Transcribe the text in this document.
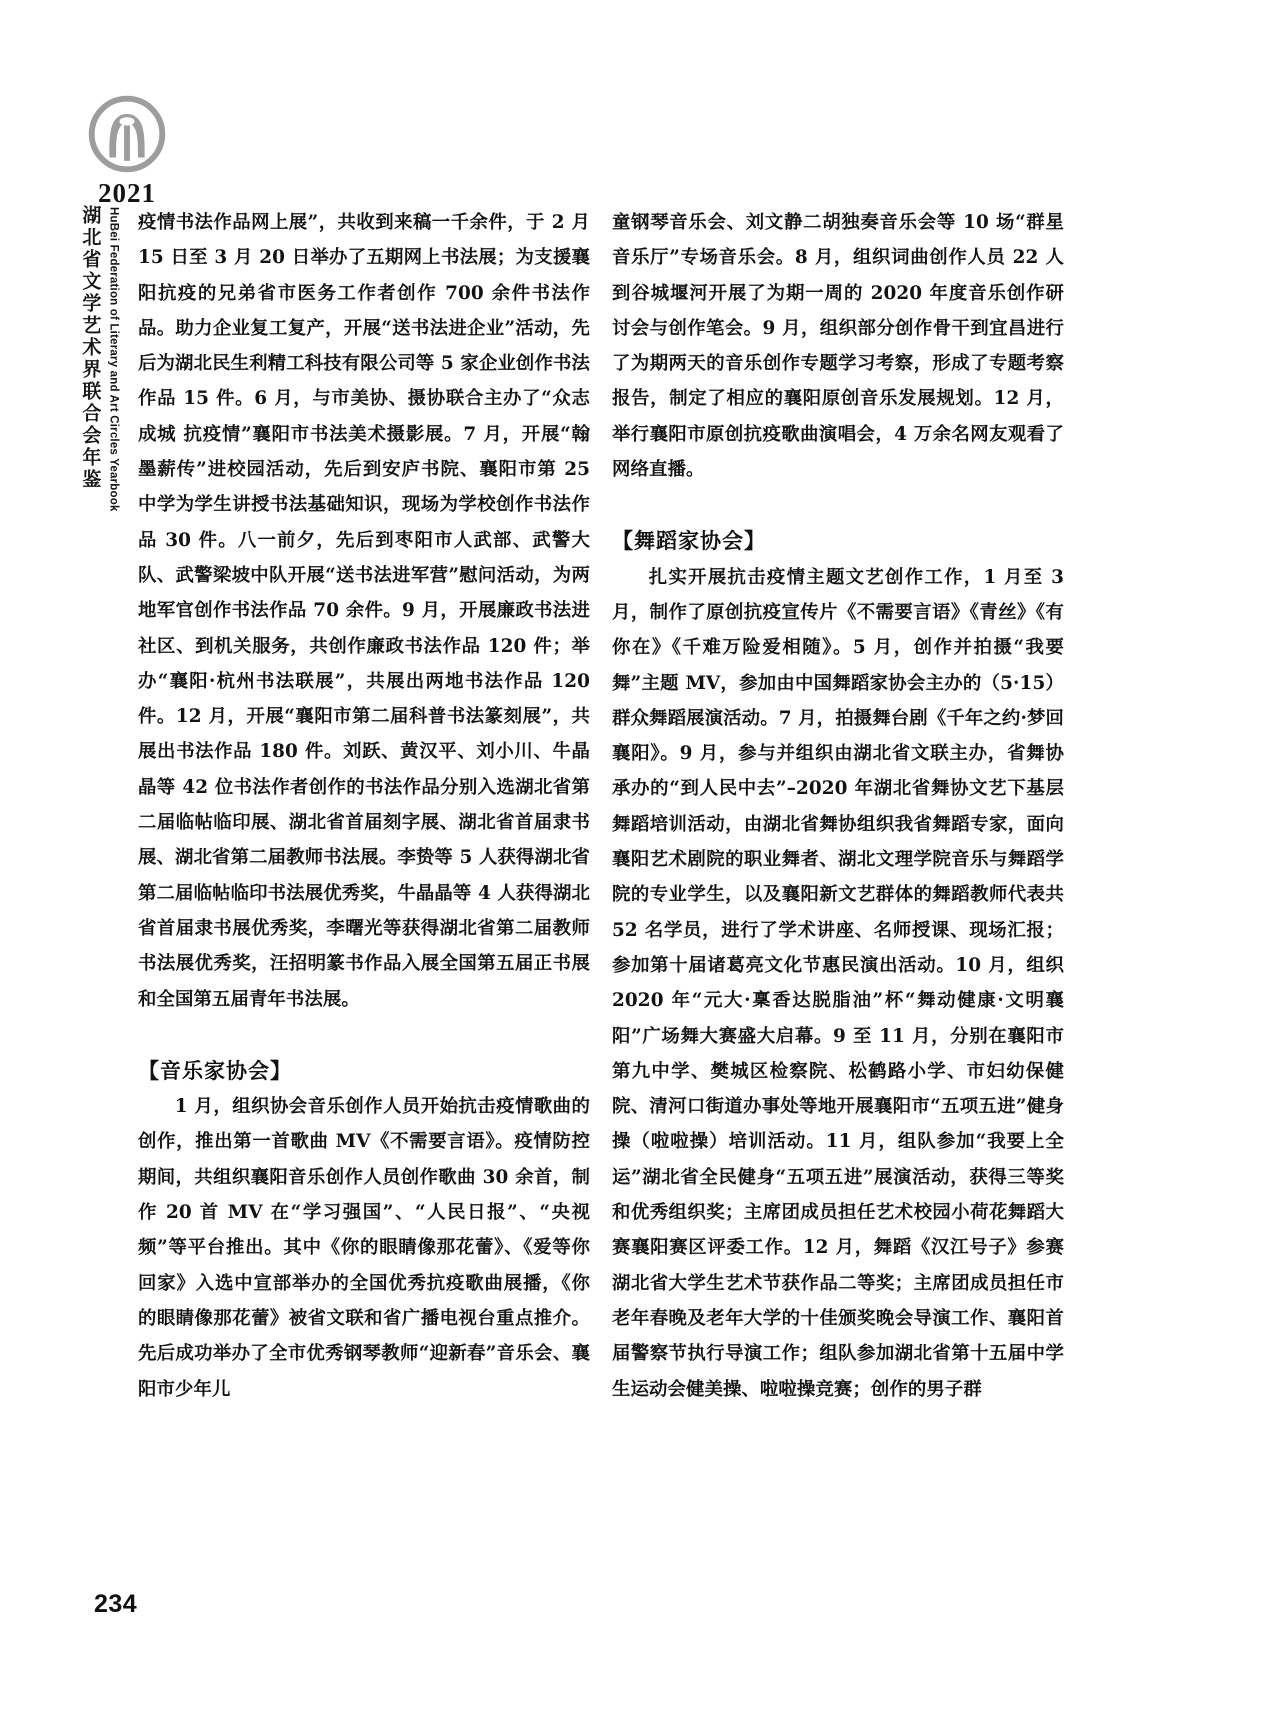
2021
湖北省文学艺术界联合会年鉴 HuBei Federation of Literary and Art Circles Yearbook 疫情书法作品网上展”，共收到来稿一千余件，于 2 月 15 日至 3 月 20 日举办了五期网上书法展；为支援襄阳抗疫的兄弟省市医务工作者创作 700 余件书法作品。助力企业复工复产，开展“送书法进企业”活动，先后为湖北民生利精工科技有限公司等 5 家企业创作书法作品 15 件。6 月，与市美协、摄协联合主办了“众志成城 抗疫情”襄阳市书法美术摄影展。7 月，开展“翰墨薪传”进校园活动，先后到安庐书院、襄阳市第 25 中学为学生讲授书法基础知识，现场为学校创作书法作品 30 件。八一前夕，先后到枣阳市人武部、武警大队、武警梁坡中队开展“送书法进军营”慰问活动，为两地军官创作书法作品 70 余件。9 月，开展廉政书法进社区、到机关服务，共创作廉政书法作品 120 件；举办“襄阳·杭州书法联展”，共展出两地书法作品 120 件。12 月，开展“襄阳市第二届科普书法篆刻展”，共展出书法作品 180 件。刘跃、黄汉平、刘小川、牛晶晶等 42 位书法作者创作的书法作品分别入选湖北省第二届临帖临印展、湖北省首届刻字展、湖北省首届隶书展、湖北省第二届教师书法展。李贽等 5 人获得湖北省第二届临帖临印书法展优秀奖，牛晶晶等 4 人获得湖北省首届隶书展优秀奖，李曙光等获得湖北省第二届教师书法展优秀奖，汪招明篆书作品入展全国第五届正书展和全国第五届青年书法展。

【音乐家协会】

1 月，组织协会音乐创作人员开始抗击疫情歌曲的创作，推出第一首歌曲 MV《不需要言语》。疫情防控期间，共组织襄阳音乐创作人员创作歌曲 30 余首，制作 20 首 MV 在“学习强国”、“人民日报”、“央视频”等平台推出。其中《你的眼睛像那花蕾》、《爱等你回家》入选中宣部举办的全国优秀抗疫歌曲展播，《你的眼睛像那花蕾》被省文联和省广播电视台重点推介。先后成功举办了全市优秀钢琴教师“迎新春”音乐会、襄阳市少年儿

童钢琴音乐会、刘文静二胡独奏音乐会等 10 场“群星音乐厅”专场音乐会。8 月，组织词曲创作人员 22 人到谷城堰河开展了为期一周的 2020 年度音乐创作研讨会与创作笔会。9 月，组织部分创作骨干到宜昌进行了为期两天的音乐创作专题学习考察，形成了专题考察报告，制定了相应的襄阳原创音乐发展规划。12 月，举行襄阳市原创抗疫歌曲演唱会，4 万余名网友观看了网络直播。

【舞蹈家协会】

扎实开展抗击疫情主题文艺创作工作，1 月至 3 月，制作了原创抗疫宣传片《不需要言语》《青丝》《有你在》《千难万险爱相随》。5 月，创作并拍摄“我要舞”主题 MV，参加由中国舞蹈家协会主办的（5·15）群众舞蹈展演活动。7 月，拍摄舞台剧《千年之约·梦回襄阳》。9 月，参与并组织由湖北省文联主办，省舞协承办的“到人民中去”–2020 年湖北省舞协文艺下基层舞蹈培训活动，由湖北省舞协组织我省舞蹈专家，面向襄阳艺术剧院的职业舞者、湖北文理学院音乐与舞蹈学院的专业学生，以及襄阳新文艺群体的舞蹈教师代表共 52 名学员，进行了学术讲座、名师授课、现场汇报；参加第十届诸葛亮文化节惠民演出活动。10 月，组织 2020 年“元大·稟香达脱脂油”杯“舞动健康·文明襄阳”广场舞大赛盛大启幕。9 至 11 月，分别在襄阳市第九中学、樊城区检察院、松鹤路小学、市妇幼保健院、清河口街道办事处等地开展襄阳市“五项五进”健身操（啦啦操）培训活动。11 月，组队参加“我要上全运”湖北省全民健身“五项五进”展演活动，获得三等奖和优秀组织奖；主席团成员担任艺术校园小荷花舞蹈大赛襄阳赛区评委工作。12 月，舞蹈《汉江号子》参赛湖北省大学生艺术节获作品二等奖；主席团成员担任市老年春晚及老年大学的十佳颁奖晚会导演工作、襄阳首届警察节执行导演工作；组队参加湖北省第十五届中学生运动会健美操、啦啦操竞赛；创作的男子群

234
